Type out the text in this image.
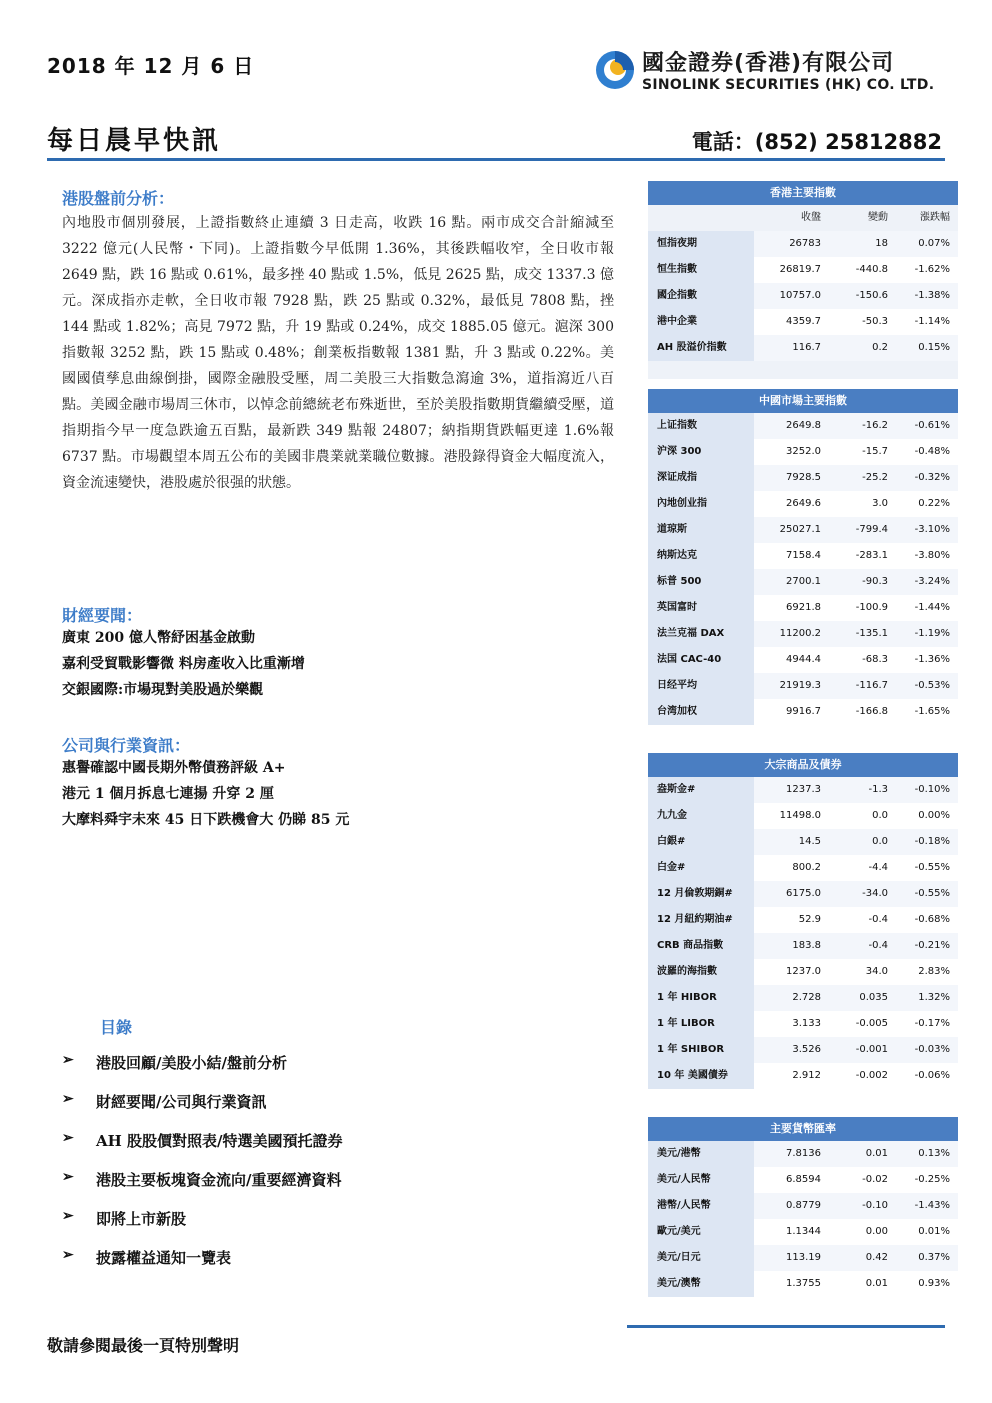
2018 年 12 月 6 日	國金證券(香港)有限公司
SINOLINK SECURITIES (HK) CO. LTD.
每日晨早快訊	電話：(852) 25812882
港股盤前分析：
內地股市個別發展，上證指數終止連續 3 日走高，收跌 16 點。兩市成交合計縮減至 3222 億元(人民幣・下同)。上證指數今早低開 1.36%，其後跌幅收窄，全日收市報 2649 點，跌 16 點或 0.61%，最多挫 40 點或 1.5%，低見 2625 點，成交 1337.3 億元。深成指亦走軟，全日收市報 7928 點，跌 25 點或 0.32%，最低見 7808 點，挫 144 點或 1.82%；高見 7972 點，升 19 點或 0.24%，成交 1885.05 億元。滬深 300 指數報 3252 點，跌 15 點或 0.48%；創業板指數報 1381 點，升 3 點或 0.22%。美國國債孳息曲線倒掛，國際金融股受壓，周二美股三大指數急瀉逾 3%，道指瀉近八百點。美國金融市場周三休市，以悼念前總統老布殊逝世，至於美股指數期貨繼續受壓，道指期指今早一度急跌逾五百點，最新跌 349 點報 24807；納指期貨跌幅更達 1.6%報 6737 點。市場觀望本周五公布的美國非農業就業職位數據。港股錄得資金大幅度流入，資金流速變快，港股處於很强的狀態。
財經要聞：
廣東 200 億人幣紓困基金啟動
嘉利受貿戰影響微 料房產收入比重漸增
交銀國際:市場現對美股過於樂觀
公司與行業資訊：
惠譽確認中國長期外幣債務評級 A+
港元 1 個月拆息七連揚 升穿 2 厘
大摩料舜宇未來 45 日下跌機會大 仍睇 85 元
目錄
➢	港股回顧/美股小結/盤前分析
➢	財經要聞/公司與行業資訊
➢	AH 股股價對照表/特選美國預托證券
➢	港股主要板塊資金流向/重要經濟資料
➢	即將上市新股
➢	披露權益通知一覽表
香港主要指數
收盤	變動	漲跌幅
恒指夜期	26783	18	0.07%
恒生指數	26819.7	-440.8	-1.62%
國企指數	10757.0	-150.6	-1.38%
港中企業	4359.7	-50.3	-1.14%
AH 股溢价指數	116.7	0.2	0.15%
中國市場主要指數
上证指数	2649.8	-16.2	-0.61%
沪深 300	3252.0	-15.7	-0.48%
深证成指	7928.5	-25.2	-0.32%
內地创业指	2649.6	3.0	0.22%
道琼斯	25027.1	-799.4	-3.10%
纳斯达克	7158.4	-283.1	-3.80%
标普 500	2700.1	-90.3	-3.24%
英国富时	6921.8	-100.9	-1.44%
法兰克福 DAX	11200.2	-135.1	-1.19%
法国 CAC-40	4944.4	-68.3	-1.36%
日经平均	21919.3	-116.7	-0.53%
台湾加权	9916.7	-166.8	-1.65%
大宗商品及債券
盎斯金#	1237.3	-1.3	-0.10%
九九金	11498.0	0.0	0.00%
白銀#	14.5	0.0	-0.18%
白金#	800.2	-4.4	-0.55%
12 月倫敦期銅#	6175.0	-34.0	-0.55%
12 月紐約期油#	52.9	-0.4	-0.68%
CRB 商品指數	183.8	-0.4	-0.21%
波羅的海指數	1237.0	34.0	2.83%
1 年 HIBOR	2.728	0.035	1.32%
1 年 LIBOR	3.133	-0.005	-0.17%
1 年 SHIBOR	3.526	-0.001	-0.03%
10 年 美國債券	2.912	-0.002	-0.06%
主要貨幣匯率
美元/港幣	7.8136	0.01	0.13%
美元/人民幣	6.8594	-0.02	-0.25%
港幣/人民幣	0.8779	-0.10	-1.43%
歐元/美元	1.1344	0.00	0.01%
美元/日元	113.19	0.42	0.37%
美元/澳幣	1.3755	0.01	0.93%
敬請參閱最後一頁特別聲明
